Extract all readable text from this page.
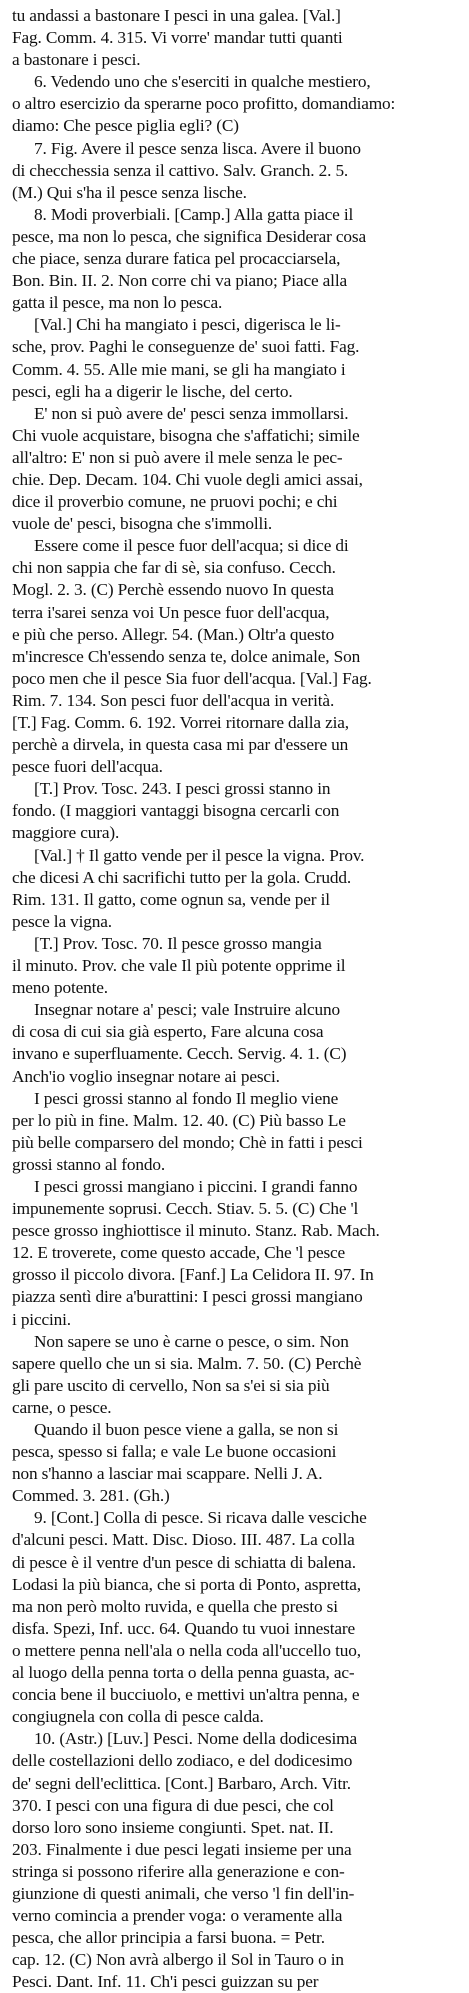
tu andassi a bastonare I pesci in una galea. [Val.]
Fag. Comm. 4. 315. Vi vorre' mandar tutti quanti
a bastonare i pesci.
6. Vedendo uno che s'eserciti in qualche mestiero,
o altro esercizio da sperarne poco profitto, domandiamo:
diamo: Che pesce piglia egli? (C)
7. Fig. Avere il pesce senza lisca. Avere il buono
di checchessia senza il cattivo. Salv. Granch. 2. 5.
(M.) Qui s'ha il pesce senza lische.
8. Modi proverbiali. [Camp.] Alla gatta piace il
pesce, ma non lo pesca, che significa Desiderar cosa
che piace, senza durare fatica pel procacciarsela,
Bon. Bin. II. 2. Non corre chi va piano; Piace alla
gatta il pesce, ma non lo pesca.
[Val.] Chi ha mangiato i pesci, digerisca le li-
sche, prov. Paghi le conseguenze de' suoi fatti. Fag.
Comm. 4. 55. Alle mie mani, se gli ha mangiato i
pesci, egli ha a digerir le lische, del certo.
E' non si può avere de' pesci senza immollarsi.
Chi vuole acquistare, bisogna che s'affatichi; simile
all'altro: E' non si può avere il mele senza le pec-
chie. Dep. Decam. 104. Chi vuole degli amici assai,
dice il proverbio comune, ne pruovi pochi; e chi
vuole de' pesci, bisogna che s'immolli.
Essere come il pesce fuor dell'acqua; si dice di
chi non sappia che far di sè, sia confuso. Cecch.
Mogl. 2. 3. (C) Perchè essendo nuovo In questa
terra i'sarei senza voi Un pesce fuor dell'acqua,
e più che perso. Allegr. 54. (Man.) Oltr'a questo
m'incresce Ch'essendo senza te, dolce animale, Son
poco men che il pesce Sia fuor dell'acqua. [Val.] Fag.
Rim. 7. 134. Son pesci fuor dell'acqua in verità.
[T.] Fag. Comm. 6. 192. Vorrei ritornare dalla zia,
perchè a dirvela, in questa casa mi par d'essere un
pesce fuori dell'acqua.
[T.] Prov. Tosc. 243. I pesci grossi stanno in
fondo. (I maggiori vantaggi bisogna cercarli con
maggiore cura).
[Val.] † Il gatto vende per il pesce la vigna. Prov.
che dicesi A chi sacrifichi tutto per la gola. Crudd.
Rim. 131. Il gatto, come ognun sa, vende per il
pesce la vigna.
[T.] Prov. Tosc. 70. Il pesce grosso mangia
il minuto. Prov. che vale Il più potente opprime il
meno potente.
Insegnar notare a' pesci; vale Instruire alcuno
di cosa di cui sia già esperto, Fare alcuna cosa
invano e superfluamente. Cecch. Servig. 4. 1. (C)
Anch'io voglio insegnar notare ai pesci.
I pesci grossi stanno al fondo Il meglio viene
per lo più in fine. Malm. 12. 40. (C) Più basso Le
più belle comparsero del mondo; Chè in fatti i pesci
grossi stanno al fondo.
I pesci grossi mangiano i piccini. I grandi fanno
impunemente soprusi. Cecch. Stiav. 5. 5. (C) Che 'l
pesce grosso inghiottisce il minuto. Stanz. Rab. Mach.
12. E troverete, come questo accade, Che 'l pesce
grosso il piccolo divora. [Fanf.] La Celidora II. 97. In
piazza sentì dire a'burattini: I pesci grossi mangiano
i piccini.
Non sapere se uno è carne o pesce, o sim. Non
sapere quello che un si sia. Malm. 7. 50. (C) Perchè
gli pare uscito di cervello, Non sa s'ei si sia più
carne, o pesce.
Quando il buon pesce viene a galla, se non si
pesca, spesso si falla; e vale Le buone occasioni
non s'hanno a lasciar mai scappare. Nelli J. A.
Commed. 3. 281. (Gh.)
9. [Cont.] Colla di pesce. Si ricava dalle vesciche
d'alcuni pesci. Matt. Disc. Dioso. III. 487. La colla
di pesce è il ventre d'un pesce di schiatta di balena.
Lodasi la più bianca, che si porta di Ponto, aspretta,
ma non però molto ruvida, e quella che presto si
disfa. Spezi, Inf. ucc. 64. Quando tu vuoi innestare
o mettere penna nell'ala o nella coda all'uccello tuo,
al luogo della penna torta o della penna guasta, ac-
concia bene il bucciuolo, e mettivi un'altra penna, e
congiugnela con colla di pesce calda.
10. (Astr.) [Luv.] Pesci. Nome della dodicesima
delle costellazioni dello zodiaco, e del dodicesimo
de' segni dell'eclittica. [Cont.] Barbaro, Arch. Vitr.
370. I pesci con una figura di due pesci, che col
dorso loro sono insieme congiunti. Spet. nat. II.
203. Finalmente i due pesci legati insieme per una
stringa si possono riferire alla generazione e con-
giunzione di questi animali, che verso 'l fin dell'in-
verno comincia a prender voga: o veramente alla
pesca, che allor principia a farsi buona. = Petr.
cap. 12. (C) Non avrà albergo il Sol in Tauro o in
Pesci. Dant. Inf. 11. Ch'i pesci guizzan su per
